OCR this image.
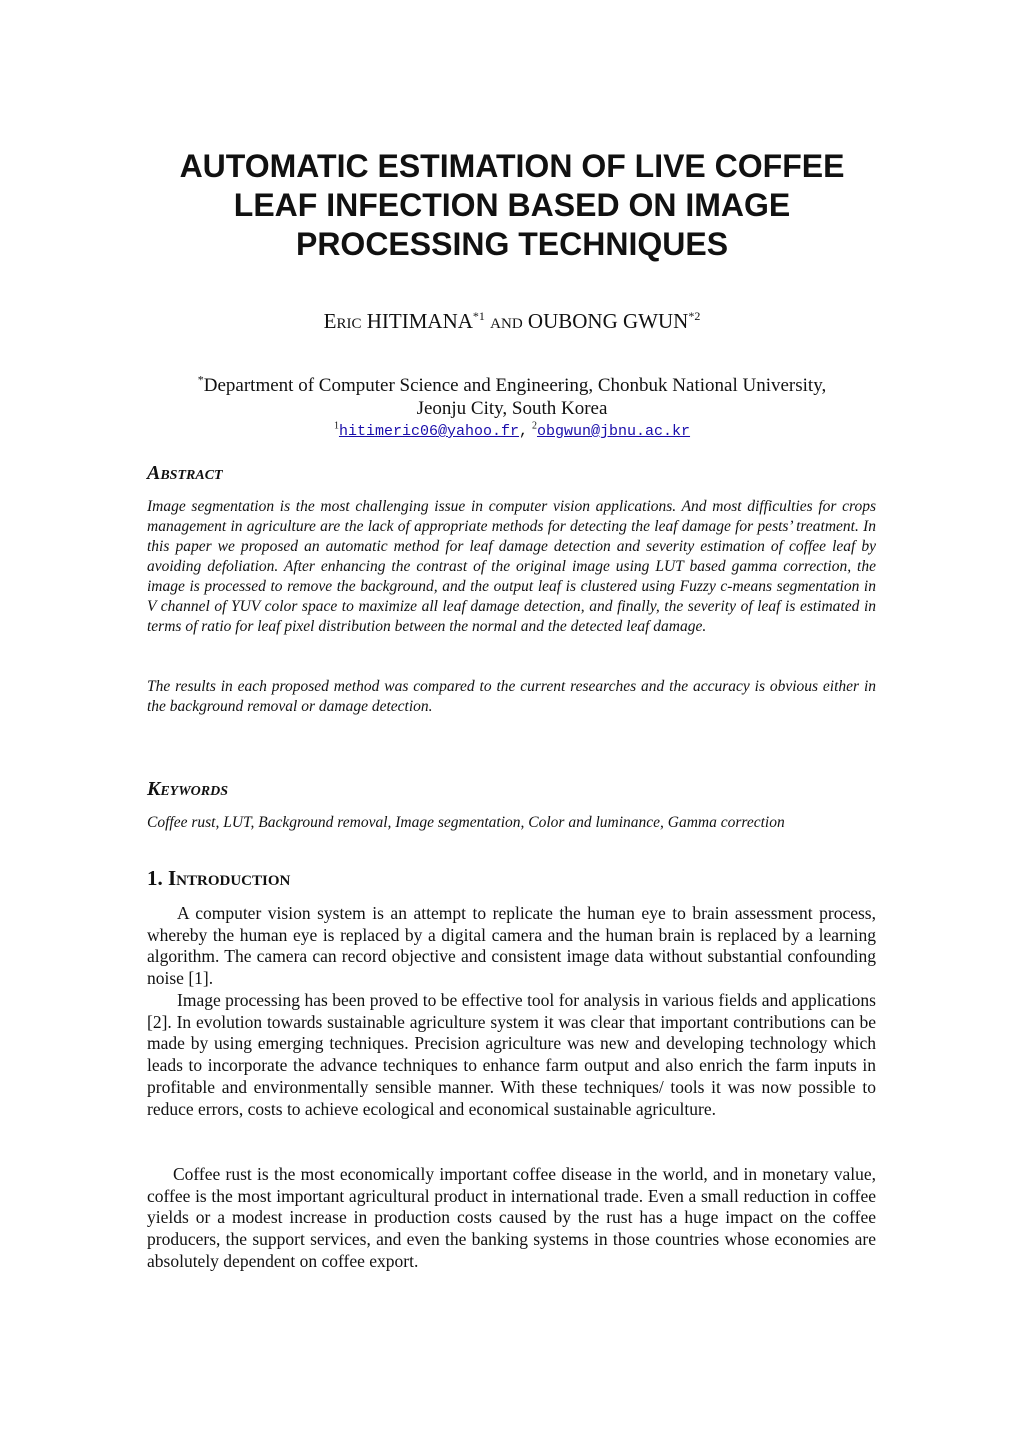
AUTOMATIC ESTIMATION OF LIVE COFFEE
LEAF INFECTION BASED ON IMAGE
PROCESSING TECHNIQUES
Eric HITIMANA$^{*1}$ and OUBONG GWUN$^{*2}$
*Department of Computer Science and Engineering, Chonbuk National University,
Jeonju City, South Korea
$^1$hitimeric06@yahoo.fr, $^2$obgwun@jbnu.ac.kr
Abstract

Image segmentation is the most challenging issue in computer vision applications. And most difficulties for crops management in agriculture are the lack of appropriate methods for detecting the leaf damage for pests’ treatment. In this paper we proposed an automatic method for leaf damage detection and severity estimation of coffee leaf by avoiding defoliation. After enhancing the contrast of the original image using LUT based gamma correction, the image is processed to remove the background, and the output leaf is clustered using Fuzzy c-means segmentation in V channel of YUV color space to maximize all leaf damage detection, and finally, the severity of leaf is estimated in terms of ratio for leaf pixel distribution between the normal and the detected leaf damage.

The results in each proposed method was compared to the current researches and the accuracy is obvious either in the background removal or damage detection.

Keywords

Coffee rust, LUT, Background removal, Image segmentation, Color and luminance, Gamma correction

1. Introduction

A computer vision system is an attempt to replicate the human eye to brain assessment process, whereby the human eye is replaced by a digital camera and the human brain is replaced by a learning algorithm. The camera can record objective and consistent image data without substantial confounding noise [1].

Image processing has been proved to be effective tool for analysis in various fields and applications [2]. In evolution towards sustainable agriculture system it was clear that important contributions can be made by using emerging techniques. Precision agriculture was new and developing technology which leads to incorporate the advance techniques to enhance farm output and also enrich the farm inputs in profitable and environmentally sensible manner. With these techniques/ tools it was now possible to reduce errors, costs to achieve ecological and economical sustainable agriculture.

Coffee rust is the most economically important coffee disease in the world, and in monetary value, coffee is the most important agricultural product in international trade. Even a small reduction in coffee yields or a modest increase in production costs caused by the rust has a huge impact on the coffee producers, the support services, and even the banking systems in those countries whose economies are absolutely dependent on coffee export.
